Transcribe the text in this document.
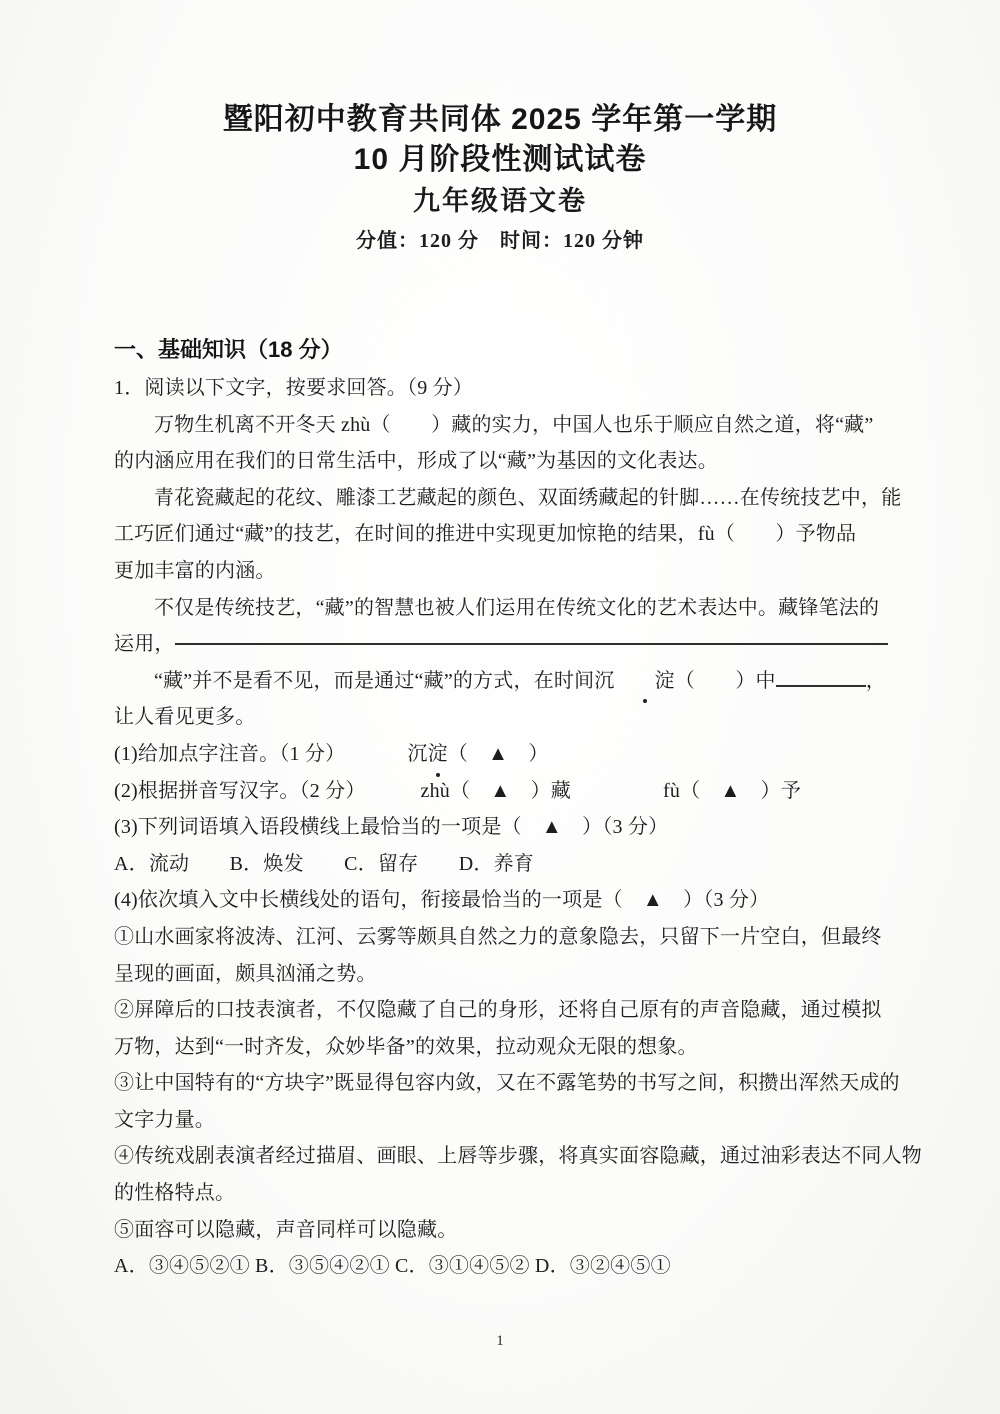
暨阳初中教育共同体 2025 学年第一学期
10 月阶段性测试试卷
九年级语文卷
分值：120 分　时间：120 分钟
一、基础知识（18 分）
1．阅读以下文字，按要求回答。（9 分）
万物生机离不开冬天 zhù（　　）藏的实力，中国人也乐于顺应自然之道，将“藏”
的内涵应用在我们的日常生活中，形成了以“藏”为基因的文化表达。
青花瓷藏起的花纹、雕漆工艺藏起的颜色、双面绣藏起的针脚……在传统技艺中，能
工巧匠们通过“藏”的技艺，在时间的推进中实现更加惊艳的结果，fù（　　）予物品
更加丰富的内涵。
不仅是传统技艺，“藏”的智慧也被人们运用在传统文化的艺术表达中。藏锋笔法的
运用，
“藏”并不是看不见，而是通过“藏”的方式，在时间沉 淀（　　）中	，
让人看见更多。
(1)给加点字注音。（1 分）	沉淀（　▲　）
(2)根据拼音写汉字。（2 分）	zhù（　▲　）藏	fù（　▲　）予
(3)下列词语填入语段横线上最恰当的一项是（　▲　）（3 分）
A．流动　　B．焕发　　C．留存　　D．养育
(4)依次填入文中长横线处的语句，衔接最恰当的一项是（　▲　）（3 分）
①山水画家将波涛、江河、云雾等颇具自然之力的意象隐去，只留下一片空白，但最终
呈现的画面，颇具汹涌之势。
②屏障后的口技表演者，不仅隐藏了自己的身形，还将自己原有的声音隐藏，通过模拟
万物，达到“一时齐发，众妙毕备”的效果，拉动观众无限的想象。
③让中国特有的“方块字”既显得包容内敛，又在不露笔势的书写之间，积攒出浑然天成的
文字力量。
④传统戏剧表演者经过描眉、画眼、上唇等步骤，将真实面容隐藏，通过油彩表达不同人物
的性格特点。
⑤面容可以隐藏，声音同样可以隐藏。
A．③④⑤②① B．③⑤④②① C．③①④⑤② D．③②④⑤①
1
